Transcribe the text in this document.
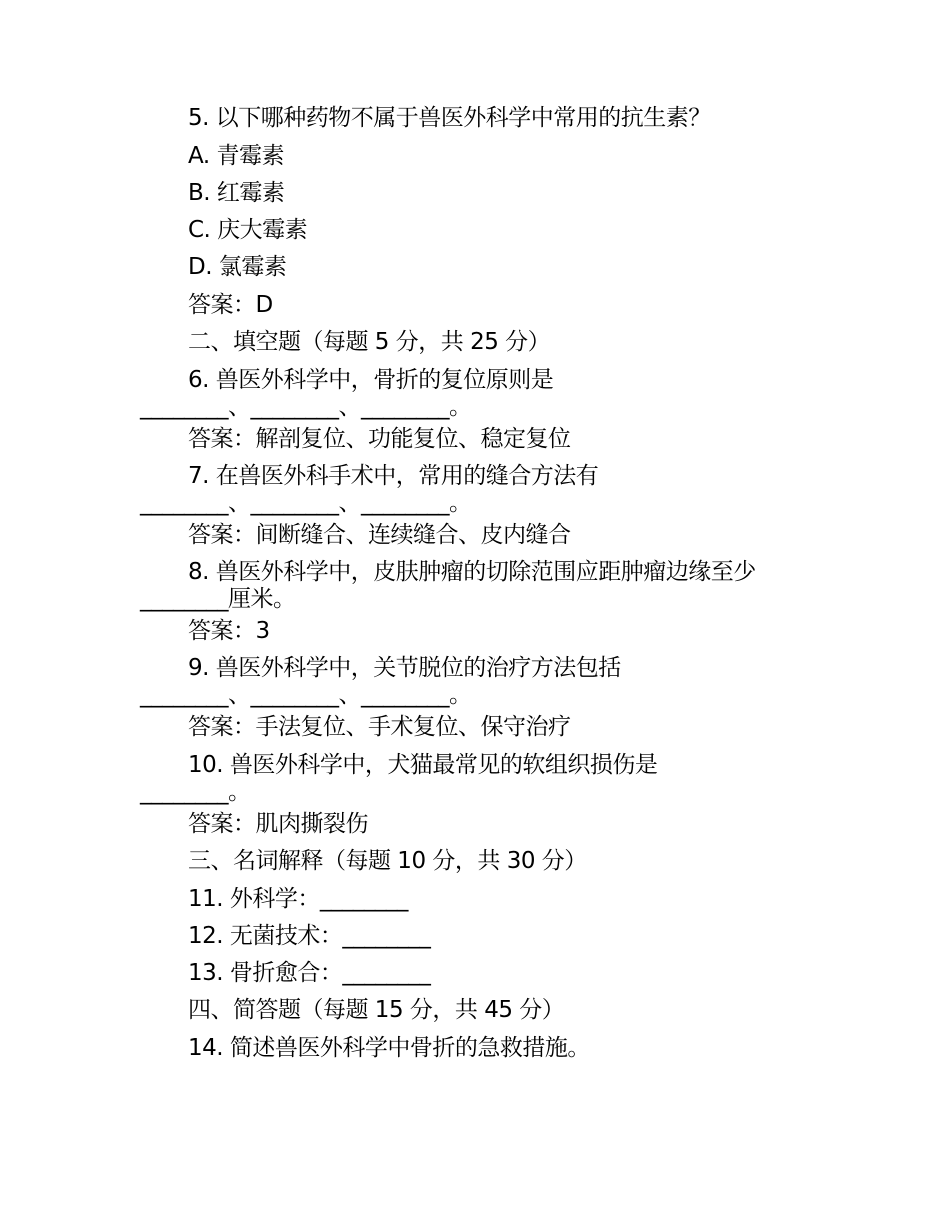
5. 以下哪种药物不属于兽医外科学中常用的抗生素？
A. 青霉素
B. 红霉素
C. 庆大霉素
D. 氯霉素
答案：D
二、填空题（每题 5 分，共 25 分）
6. 兽医外科学中，骨折的复位原则是
________、________、________。
答案：解剖复位、功能复位、稳定复位
7. 在兽医外科手术中，常用的缝合方法有
________、________、________。
答案：间断缝合、连续缝合、皮内缝合
8. 兽医外科学中，皮肤肿瘤的切除范围应距肿瘤边缘至少
________厘米。
答案：3
9. 兽医外科学中，关节脱位的治疗方法包括
________、________、________。
答案：手法复位、手术复位、保守治疗
10. 兽医外科学中，犬猫最常见的软组织损伤是
________。
答案：肌肉撕裂伤
三、名词解释（每题 10 分，共 30 分）
11. 外科学：________
12. 无菌技术：________
13. 骨折愈合：________
四、简答题（每题 15 分，共 45 分）
14. 简述兽医外科学中骨折的急救措施。
